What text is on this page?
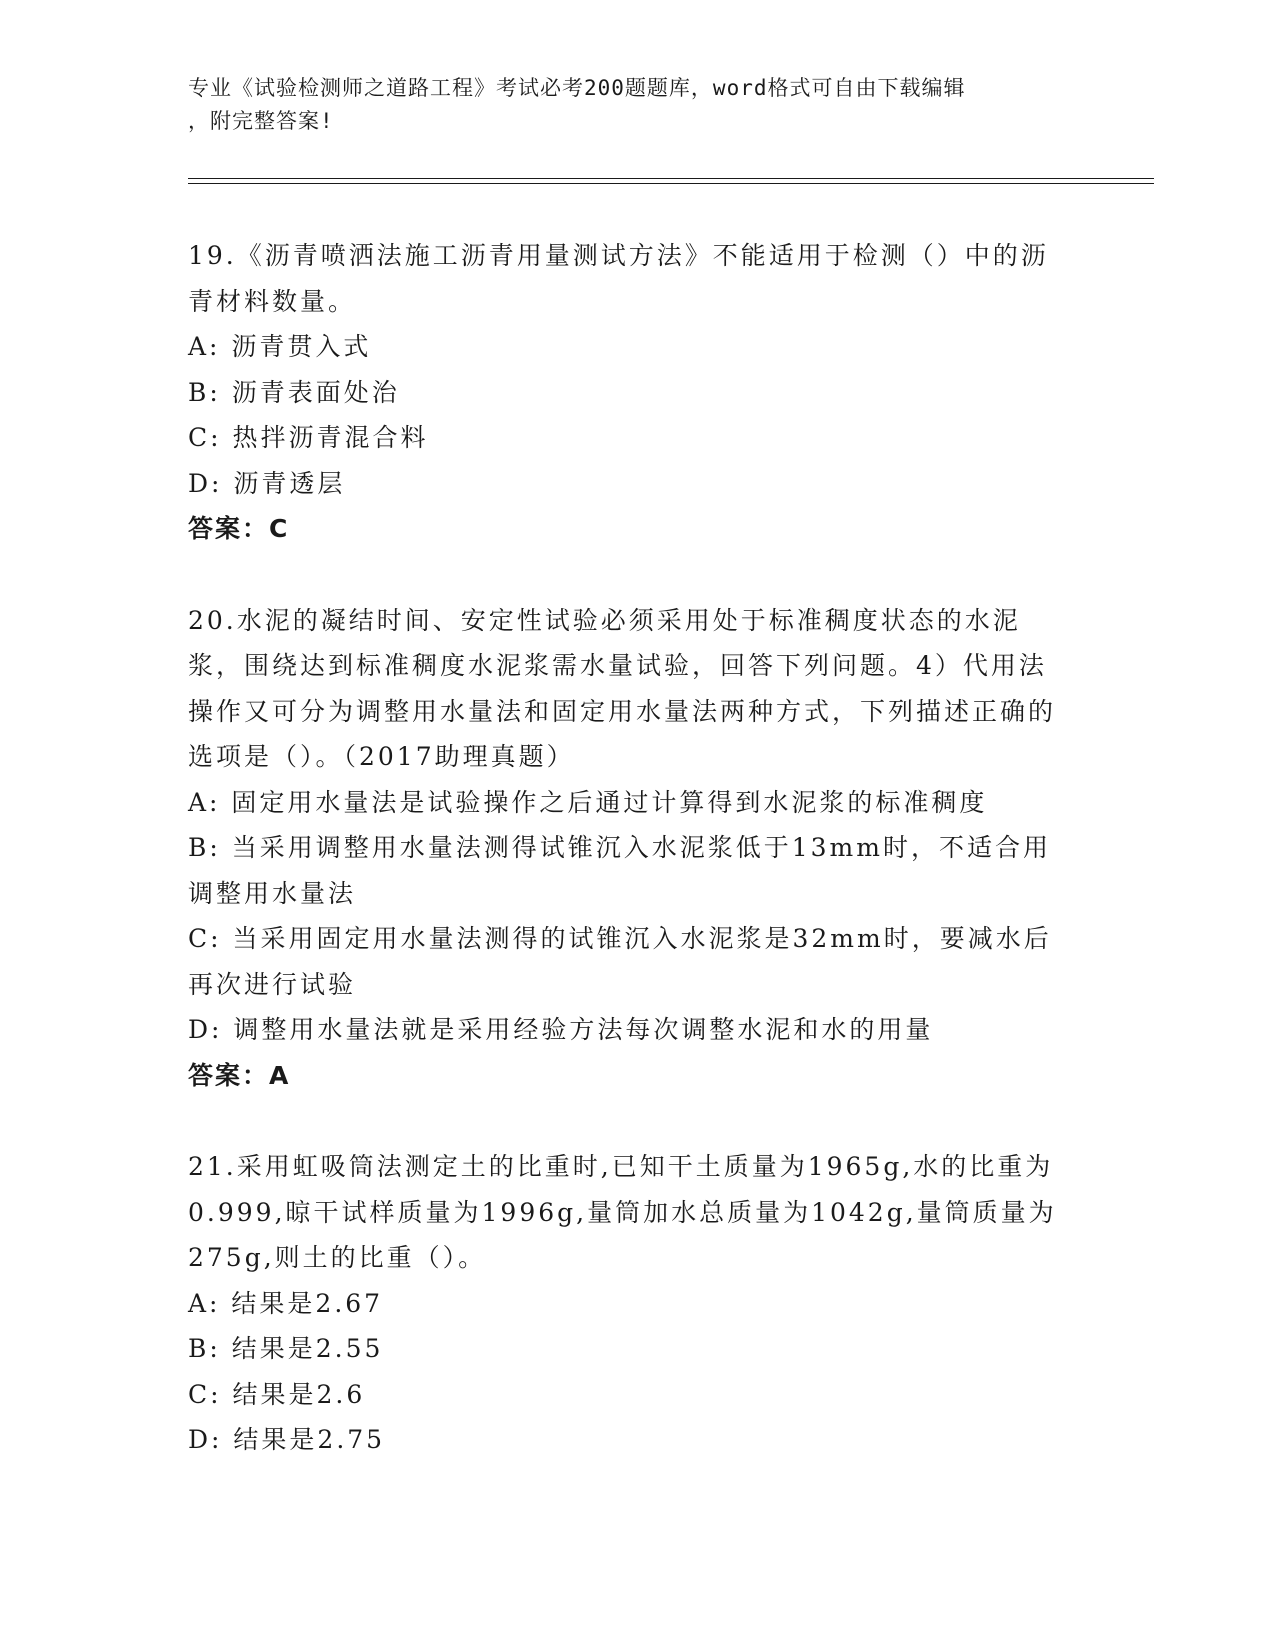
专业《试验检测师之道路工程》考试必考200题题库，word格式可自由下载编辑
，附完整答案!

19.《沥青喷洒法施工沥青用量测试方法》不能适用于检测（）中的沥青材料数量。

A: 沥青贯入式

B: 沥青表面处治

C: 热拌沥青混合料

D: 沥青透层

答案：C

20.水泥的凝结时间、安定性试验必须采用处于标准稠度状态的水泥浆，围绕达到标准稠度水泥浆需水量试验，回答下列问题。4）代用法操作又可分为调整用水量法和固定用水量法两种方式，下列描述正确的选项是（）。（2017助理真题）

A: 固定用水量法是试验操作之后通过计算得到水泥浆的标准稠度

B: 当采用调整用水量法测得试锥沉入水泥浆低于13mm时，不适合用调整用水量法

C: 当采用固定用水量法测得的试锥沉入水泥浆是32mm时，要减水后再次进行试验

D: 调整用水量法就是采用经验方法每次调整水泥和水的用量

答案：A

21.采用虹吸筒法测定土的比重时,已知干土质量为1965g,水的比重为0.999,晾干试样质量为1996g,量筒加水总质量为1042g,量筒质量为275g,则土的比重（）。

A: 结果是2.67

B: 结果是2.55

C: 结果是2.6

D: 结果是2.75
